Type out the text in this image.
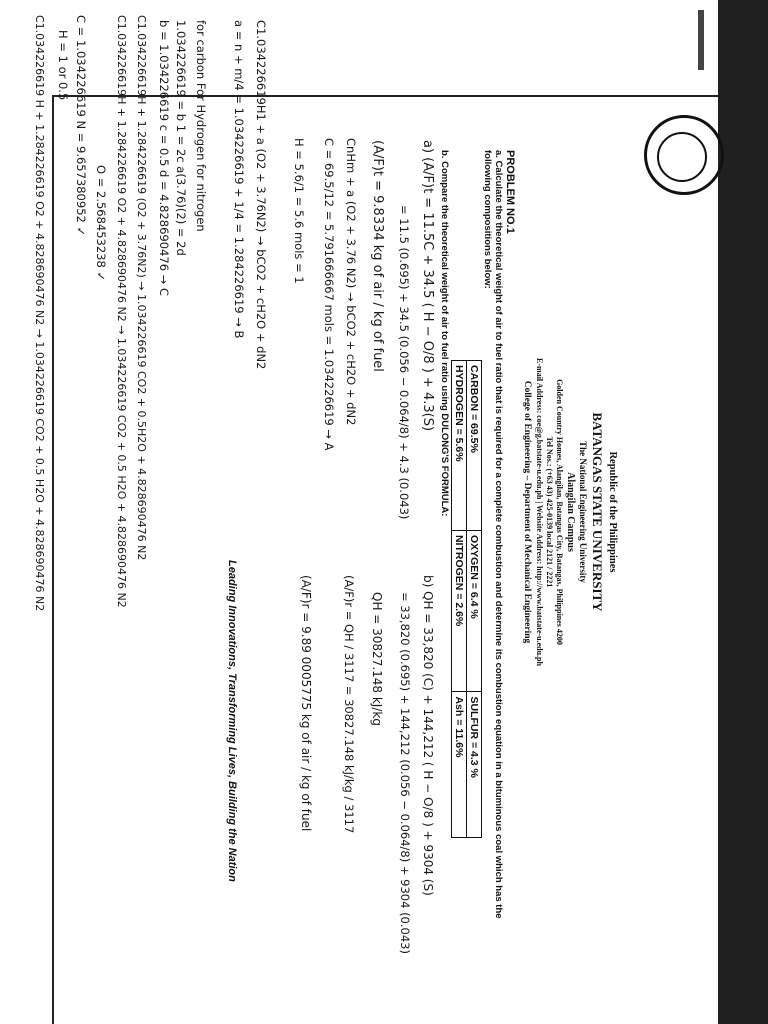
Republic of the Philippines
BATANGAS STATE UNIVERSITY
The National Engineering University
Alangilan Campus
Golden Country Homes, Alangilan, Batangas City, Batangas, Philippines 4200
Tel Nos.: (+63 43) 425-0139 local 2121 / 2221
E-mail Address: coe@g.batstate-u.edu.ph | Website Address: http://www.batstate-u.edu.ph
College of Engineering – Department of Mechanical Engineering
PROBLEM NO.1
a. Calculate the theoretical weight of air to fuel ratio that is required for a complete combustion and determine its combustion equation in a bituminous coal which has the following compositions below:
CARBON = 69.5%	OXYGEN = 6.4 %	SULFUR = 4.3 %
HYDROGEN = 5.6%	NITROGEN = 2.6%	Ash = 11.6%
b. Compare the theoretical weight of air to fuel ratio using DULONG'S FORMULA:
a) (A/F)t = 11.5C + 34.5 ( H − O/8 ) + 4.3(S)
= 11.5 (0.695) + 34.5 (0.056 − 0.064/8) + 4.3 (0.043)
(A/F)t = 9.8334 kg of air / kg of fuel
CnHm + a (O2 + 3.76 N2) → bCO2 + cH2O + dN2
C = 69.5/12 = 5.791666667 mols = 1.034226619 → A
H = 5.6/1 = 5.6 mols = 1
C1.034226619H1 + a (O2 + 3.76N2) → bCO2 + cH2O + dN2
a = n + m/4 = 1.034226619 + 1/4 = 1.284226619 → B
for carbon For Hydrogen for nitrogen
1.034226619 = b 1 = 2c a(3.76)(2) = 2d
b = 1.034226619 c = 0.5 d = 4.828690476 → C
C1.034226619H + 1.284226619 (O2 + 3.76N2) → 1.034226619 CO2 + 0.5H2O + 4.828690476 N2
C1.034226619H + 1.284226619 O2 + 4.828690476 N2 → 1.034226619 CO2 + 0.5 H2O + 4.828690476 N2
O = 2.568453238 ✓
C = 1.034226619 N = 9.657380952 ✓
H = 1 or 0.5
C1.034226619 H + 1.284226619 O2 + 4.828690476 N2 → 1.034226619 CO2 + 0.5 H2O + 4.828690476 N2
b) QH = 33,820 (C) + 144,212 ( H − O/8 ) + 9304 (S)
= 33,820 (0.695) + 144,212 (0.056 − 0.064/8) + 9304 (0.043)
QH = 30827.148 kJ/kg
(A/F)r = QH / 3117 = 30827.148 kJ/kg / 3117
(A/F)r = 9.89 0005775 kg of air / kg of fuel
Leading Innovations, Transforming Lives, Building the Nation
